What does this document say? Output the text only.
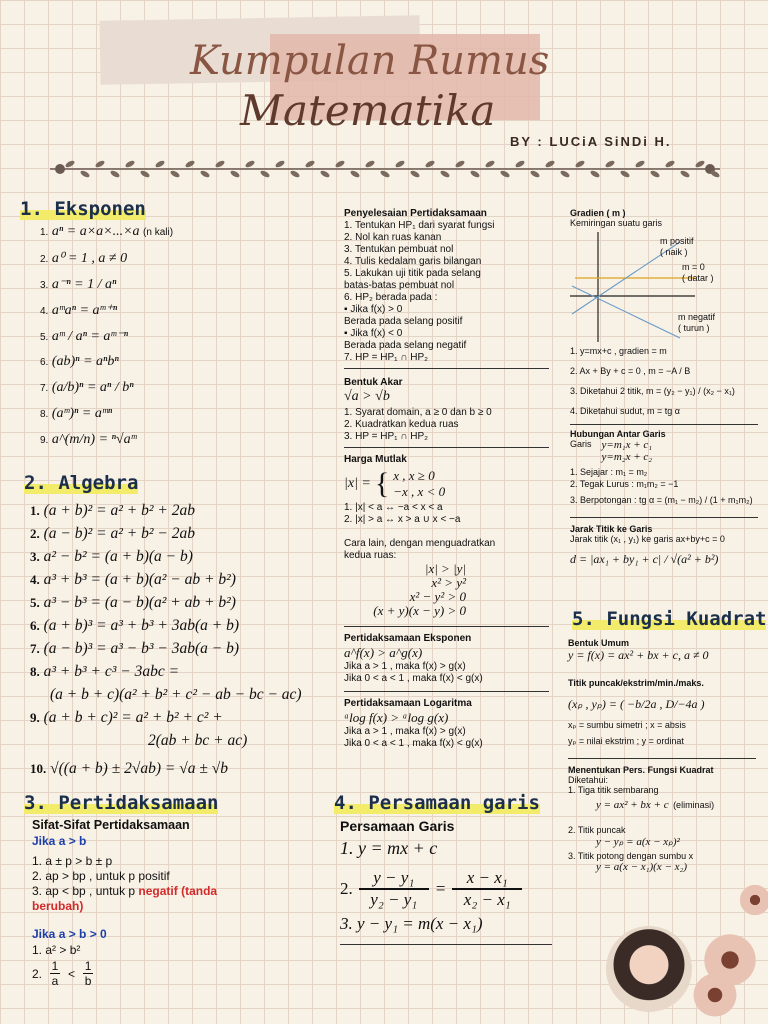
Kumpulan Rumus
Matematika
BY : LUCiA SiNDi H.
1. Eksponen
1. aⁿ = a×a×...×a (n kali)
2. a⁰ = 1 , a ≠ 0
3. a⁻ⁿ = 1 / aⁿ
4. aᵐaⁿ = aᵐ⁺ⁿ
5. aᵐ / aⁿ = aᵐ⁻ⁿ
6. (ab)ⁿ = aⁿbⁿ
7. (a/b)ⁿ = aⁿ / bⁿ
8. (aᵐ)ⁿ = aᵐⁿ
9. a^(m/n) = ⁿ√aᵐ
2. Algebra
1. (a + b)² = a² + b² + 2ab
2. (a − b)² = a² + b² − 2ab
3. a² − b² = (a + b)(a − b)
4. a³ + b³ = (a + b)(a² − ab + b²)
5. a³ − b³ = (a − b)(a² + ab + b²)
6. (a + b)³ = a³ + b³ + 3ab(a + b)
7. (a − b)³ = a³ − b³ − 3ab(a − b)
8. a³ + b³ + c³ − 3abc =
(a + b + c)(a² + b² + c² − ab − bc − ac)
9. (a + b + c)² = a² + b² + c² +
2(ab + bc + ac)
10. √((a + b) ± 2√ab) = √a ± √b
3. Pertidaksamaan
Sifat-Sifat Pertidaksamaan
Jika a > b
1. a ± p > b ± p
2. ap > bp , untuk p positif
3. ap < bp , untuk p negatif (tanda
berubah)
Jika a > b > 0
1. a² > b²
2.
1
a
<
1
b
4. Persamaan garis
Persamaan Garis
1. y = mx + c
2.
y − y₁
y₂ − y₁
=
x − x₁
x₂ − x₁
3. y − y₁ = m(x − x₁)
Penyelesaian Pertidaksamaan
1. Tentukan HP₁ dari syarat fungsi
2. Nol kan ruas kanan
3. Tentukan pembuat nol
4. Tulis kedalam garis bilangan
5. Lakukan uji titik pada selang
batas-batas pembuat nol
6. HP₂ berada pada :
▪ Jika f(x) > 0
Berada pada selang positif
▪ Jika f(x) < 0
Berada pada selang negatif
7. HP = HP₁ ∩ HP₂
Bentuk Akar
√a > √b
1. Syarat domain, a ≥ 0 dan b ≥ 0
2. Kuadratkan kedua ruas
3. HP = HP₁ ∩ HP₂
Harga Mutlak
|x| = { x , x ≥ 0
−x , x < 0
1. |x| < a ↔ −a < x < a
2. |x| > a ↔ x > a ∪ x < −a
Cara lain, dengan menguadratkan
kedua ruas:
|x| > |y|
x² > y²
x² − y² > 0
(x + y)(x − y) > 0
Pertidaksamaan Eksponen
a^f(x) > a^g(x)
Jika a > 1 , maka f(x) > g(x)
Jika 0 < a < 1 , maka f(x) < g(x)
Pertidaksamaan Logaritma
ᵃlog f(x) > ᵃlog g(x)
Jika a > 1 , maka f(x) > g(x)
Jika 0 < a < 1 , maka f(x) < g(x)
Gradien ( m )
Kemiringan suatu garis
m positif
( naik )
m = 0
( datar )
m negatif
( turun )
1. y=mx+c , gradien = m
2. Ax + By + c = 0 , m = −A / B
3. Diketahui 2 titik, m = (y₂ − y₁) / (x₂ − x₁)
4. Diketahui sudut, m = tg α
Hubungan Antar Garis
Garis y=m₁x + c₁
y=m₂x + c₂
1. Sejajar : m₁ = m₂
2. Tegak Lurus : m₁m₂ = −1
3. Berpotongan : tg α = (m₁ − m₂) / (1 + m₁m₂)
Jarak Titik ke Garis
Jarak titik (x₁ , y₁) ke garis ax+by+c = 0
d = |ax₁ + by₁ + c| / √(a² + b²)
5. Fungsi Kuadrat
Bentuk Umum
y = f(x) = ax² + bx + c, a ≠ 0
Titik puncak/ekstrim/min./maks.
(xₚ , yₚ) = ( −b/2a , D/−4a )
xₚ = sumbu simetri ; x = absis
yₚ = nilai ekstrim ; y = ordinat
Menentukan Pers. Fungsi Kuadrat
Diketahui:
1. Tiga titik sembarang
y = ax² + bx + c (eliminasi)
2. Titik puncak
y − yₚ = a(x − xₚ)²
3. Titik potong dengan sumbu x
y = a(x − x₁)(x − x₂)
